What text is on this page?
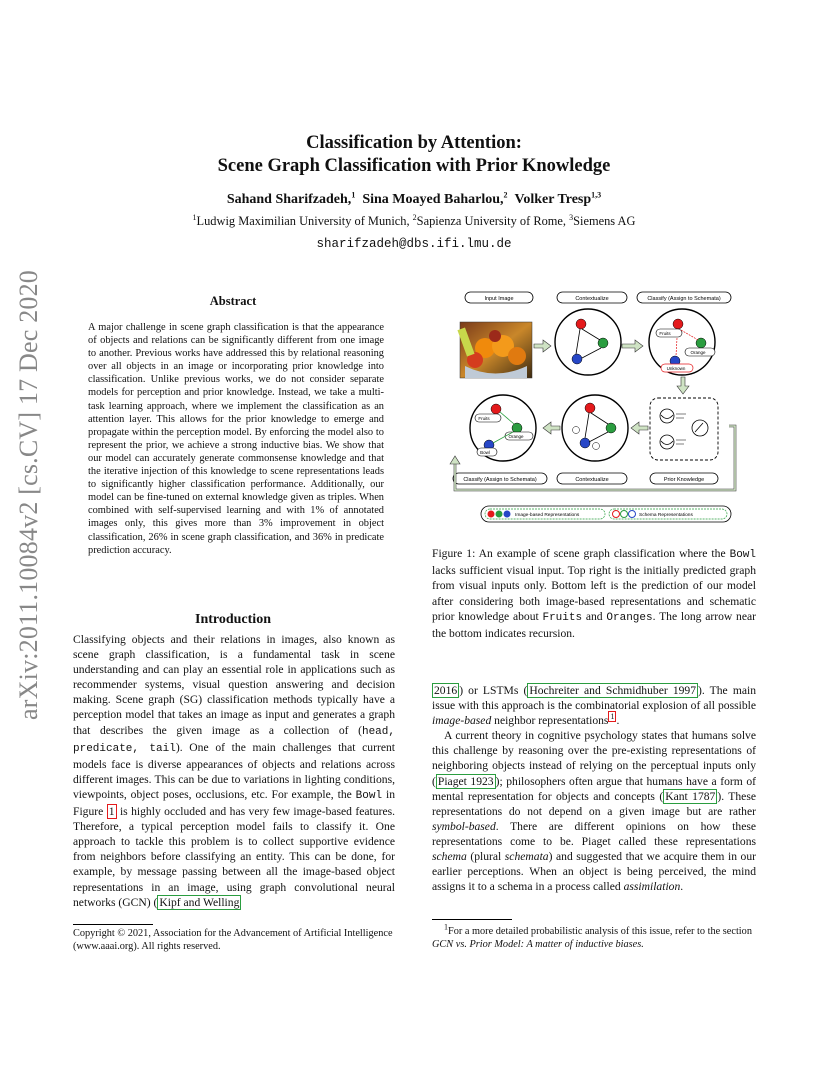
Classification by Attention:
Scene Graph Classification with Prior Knowledge
Sahand Sharifzadeh,$^1$ Sina Moayed Baharlou,$^2$ Volker Tresp$^{1,3}$
$^1$Ludwig Maximilian University of Munich, $^2$Sapienza University of Rome, $^3$Siemens AG
sharifzadeh@dbs.ifi.lmu.de
arXiv:2011.10084v2 [cs.CV] 17 Dec 2020	Abstract
A major challenge in scene graph classification is that the appearance of objects and relations can be significantly different from one image to another. Previous works have addressed this by relational reasoning over all objects in an image or incorporating prior knowledge into classification. Unlike previous works, we do not consider separate models for perception and prior knowledge. Instead, we take a multi-task learning approach, where we implement the classification as an attention layer. This allows for the prior knowledge to emerge and propagate within the perception model. By enforcing the model also to represent the prior, we achieve a strong inductive bias. We show that our model can accurately generate commonsense knowledge and that the iterative injection of this knowledge to scene representations leads to significantly higher classification performance. Additionally, our model can be fine-tuned on external knowledge given as triples. When combined with self-supervised learning and with 1% of annotated images only, this gives more than 3% improvement in object classification, 26% in scene graph classification, and 36% in predicate prediction accuracy.
Introduction
Classifying objects and their relations in images, also known as scene graph classification, is a fundamental task in scene understanding and can play an essential role in applications such as recommender systems, visual question answering and decision making. Scene graph (SG) classification methods typically have a perception model that takes an image as input and generates a graph that describes the given image as a collection of (head, predicate, tail). One of the main challenges that current models face is diverse appearances of objects and relations across different images. This can be due to variations in lighting conditions, viewpoints, object poses, occlusions, etc. For example, the Bowl in Figure 1 is highly occluded and has very few image-based features. Therefore, a typical perception model fails to classify it. One approach to tackle this problem is to collect supportive evidence from neighbors before classifying an entity. This can be done, for example, by message passing between all the image-based object representations in an image, using graph convolutional neural networks (GCN) ( Kipf and Welling
Input Image	Contextualize	Classify (Assign to Schemata)
Fruits
Orange
Unknown
Fruits
Orange
Bowl
Classify (Assign to Schemata)	Contextualize	Prior Knowledge
Image-based Representations	Schema Representations
Figure 1: An example of scene graph classification where the Bowl lacks sufficient visual input. Top right is the initially predicted graph from visual inputs only. Bottom left is the prediction of our model after considering both image-based representations and schematic prior knowledge about Fruits and Oranges. The long arrow near the bottom indicates recursion.

2016 ) or LSTMs ( Hochreiter and Schmidhuber 1997 ). The main issue with this approach is the combinatorial explosion of all possible image-based neighbor representations $^1$ .

A current theory in cognitive psychology states that humans solve this challenge by reasoning over the pre-existing representations of neighboring objects instead of relying on the perceptual inputs only ( Piaget 1923 ); philosophers often argue that humans have a form of mental representation for objects and concepts ( Kant 1787 ). These representations do not depend on a given image but are rather symbol-based. There are different opinions on how these representations come to be. Piaget called these representations schema (plural schemata) and suggested that we acquire them in our earlier perceptions. When an object is being perceived, the mind assigns it to a schema in a process called assimilation.

Copyright © 2021, Association for the Advancement of Artificial Intelligence (www.aaai.org). All rights reserved.
$^1$For a more detailed probabilistic analysis of this issue, refer to the section GCN vs. Prior Model: A matter of inductive biases.
